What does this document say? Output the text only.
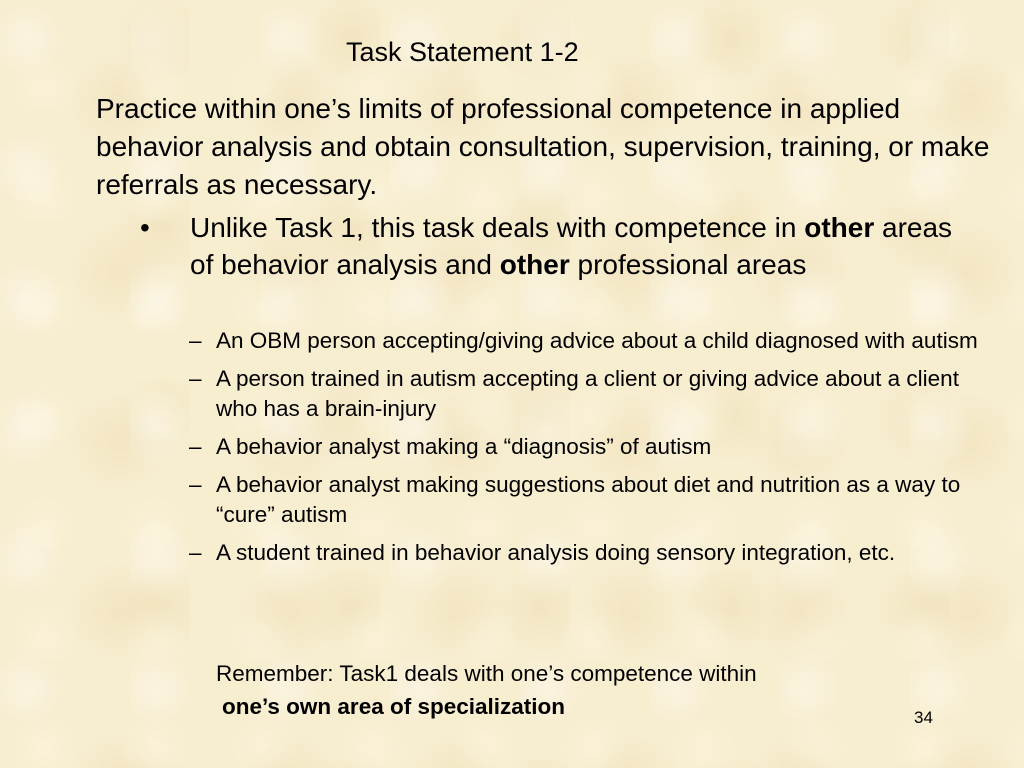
Task Statement 1-2
Practice within one’s limits of professional competence in applied behavior analysis and obtain consultation, supervision, training, or make referrals as necessary.
•	Unlike Task 1, this task deals with competence in other areas of behavior analysis and other professional areas
– An OBM person accepting/giving advice about a child diagnosed with autism
– A person trained in autism accepting a client or giving advice about a client who has a brain-injury
– A behavior analyst making a “diagnosis” of autism
– A behavior analyst making suggestions about diet and nutrition as a way to “cure” autism
– A student trained in behavior analysis doing sensory integration, etc.
Remember: Task1 deals with one’s competence within
one’s own area of specialization	34
